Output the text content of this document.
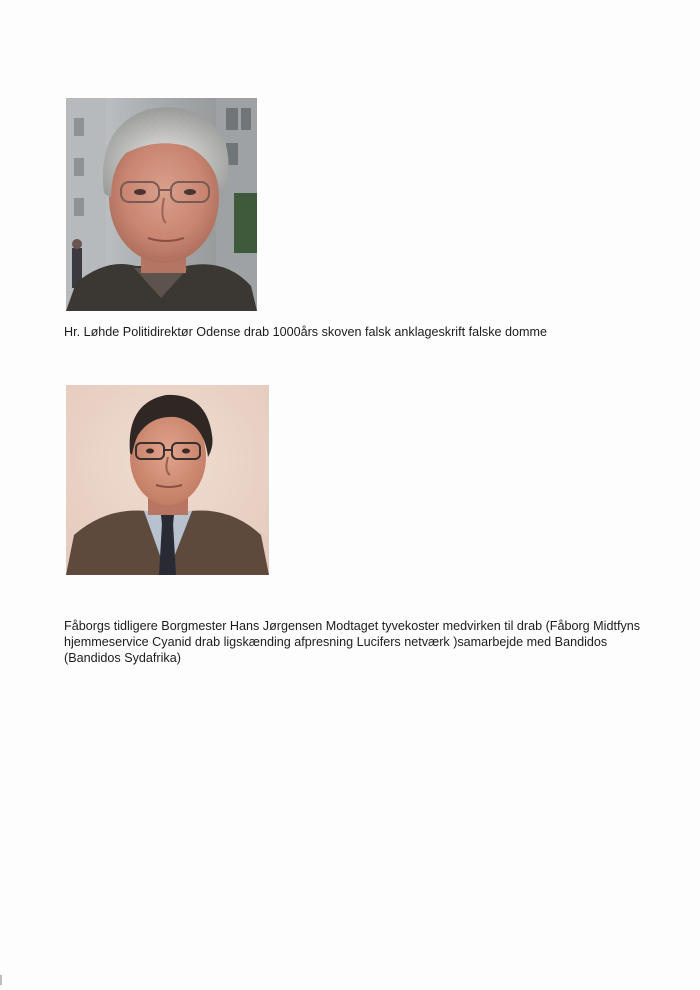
Hr. Løhde Politidirektør Odense drab 1000års skoven falsk anklageskrift falske domme

Fåborgs tidligere Borgmester Hans Jørgensen Modtaget tyvekoster medvirken til drab (Fåborg Midtfyns hjemmeservice Cyanid drab ligskænding afpresning Lucifers netværk )samarbejde med Bandidos (Bandidos Sydafrika)
